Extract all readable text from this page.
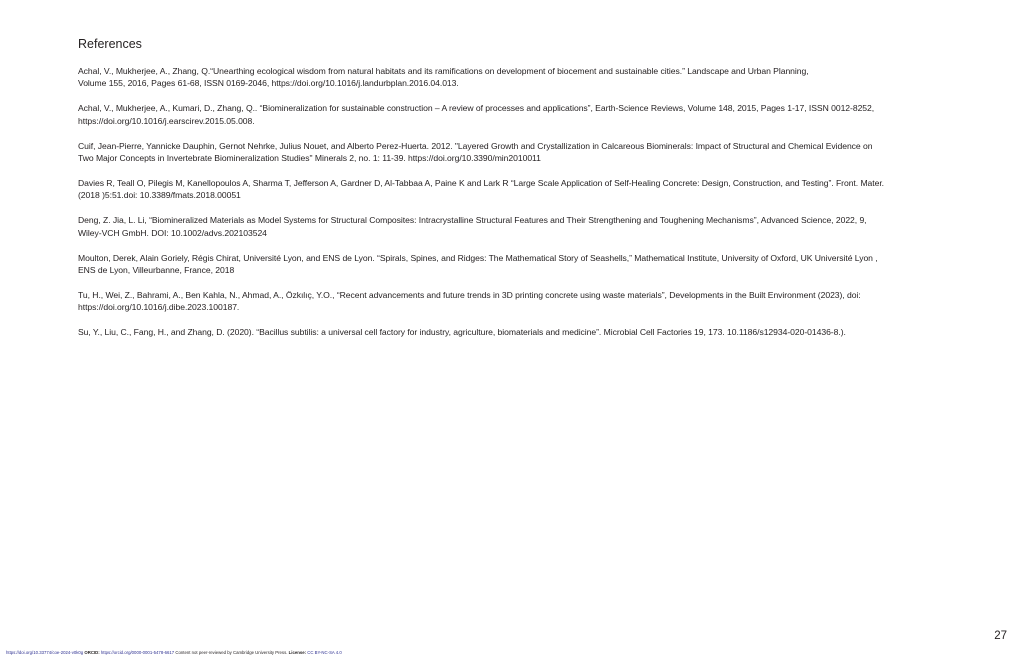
References
Achal, V., Mukherjee, A., Zhang, Q.“Unearthing ecological wisdom from natural habitats and its ramifications on development of biocement and sustainable cities.” Landscape and Urban Planning,
Volume 155, 2016, Pages 61-68, ISSN 0169-2046, https://doi.org/10.1016/j.landurbplan.2016.04.013.
Achal, V., Mukherjee, A., Kumari, D., Zhang, Q.. “Biomineralization for sustainable construction – A review of processes and applications”, Earth-Science Reviews, Volume 148, 2015, Pages 1-17, ISSN 0012-8252,
https://doi.org/10.1016/j.earscirev.2015.05.008.
Cuif, Jean-Pierre, Yannicke Dauphin, Gernot Nehrke, Julius Nouet, and Alberto Perez-Huerta. 2012. "Layered Growth and Crystallization in Calcareous Biominerals: Impact of Structural and Chemical Evidence on
Two Major Concepts in Invertebrate Biomineralization Studies" Minerals 2, no. 1: 11-39. https://doi.org/10.3390/min2010011
Davies R, Teall O, Pilegis M, Kanellopoulos A, Sharma T, Jefferson A, Gardner D, Al-Tabbaa A, Paine K and Lark R “Large Scale Application of Self-Healing Concrete: Design, Construction, and Testing”. Front. Mater.
(2018 )5:51.doi: 10.3389/fmats.2018.00051
Deng, Z. Jia, L. Li, “Biomineralized Materials as Model Systems for Structural Composites: Intracrystalline Structural Features and Their Strengthening and Toughening Mechanisms”, Advanced Science, 2022, 9,
Wiley-VCH GmbH. DOI: 10.1002/advs.202103524
Moulton, Derek, Alain Goriely, Régis Chirat, Université Lyon, and ENS de Lyon. “Spirals, Spines, and Ridges: The Mathematical Story of Seashells,” Mathematical Institute, University of Oxford, UK Université Lyon ,
ENS de Lyon, Villeurbanne, France, 2018
Tu, H., Wei, Z., Bahrami, A., Ben Kahla, N., Ahmad, A., Özkılıç, Y.O., “Recent advancements and future trends in 3D printing concrete using waste materials”, Developments in the Built Environment (2023), doi:
https://doi.org/10.1016/j.dibe.2023.100187.
Su, Y., Liu, C., Fang, H., and Zhang, D. (2020). “Bacillus subtilis: a universal cell factory for industry, agriculture, biomaterials and medicine”. Microbial Cell Factories 19, 173. 10.1186/s12934-020-01436-8.).
27
https://doi.org/10.33774/coe-2024-v0k0g ORCID: https://orcid.org/0000-0001-5478-6617 Content not peer-reviewed by Cambridge University Press. License: CC BY-NC-SA 4.0
